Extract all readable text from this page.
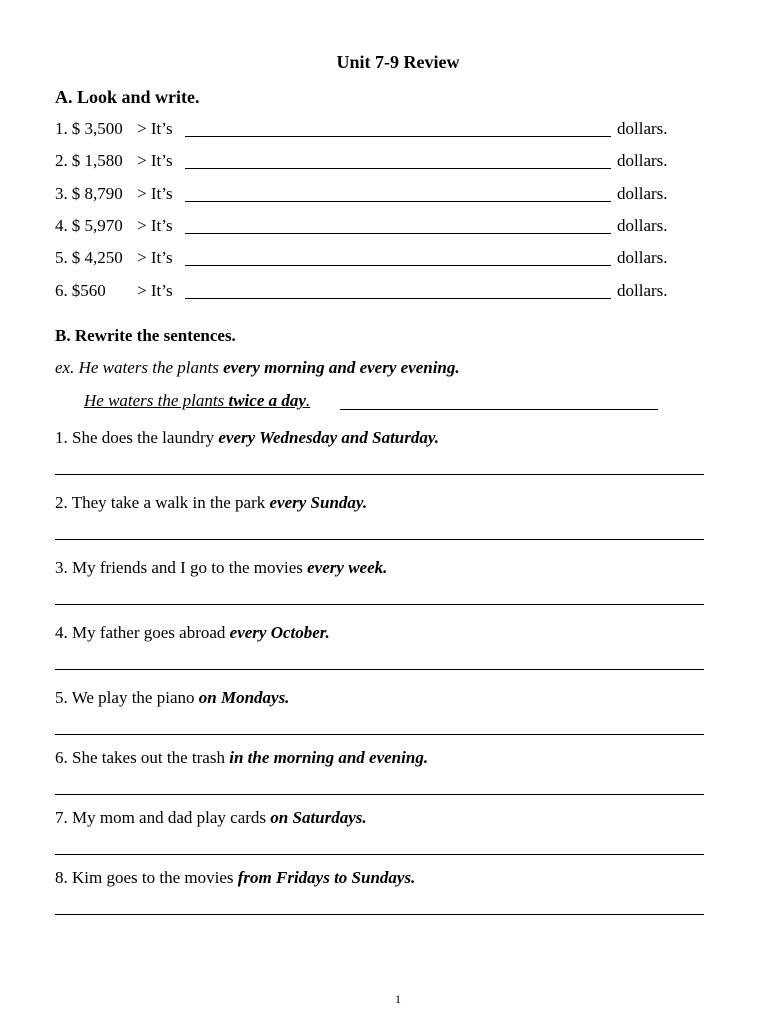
Unit 7-9 Review
A. Look and write.
1. $ 3,500 > It’s	dollars.
2. $ 1,580 > It’s	dollars.
3. $ 8,790 > It’s	dollars.
4. $ 5,970 > It’s	dollars.
5. $ 4,250 > It’s	dollars.
6. $560 > It’s	dollars.
B. Rewrite the sentences.
ex. He waters the plants every morning and every evening.
He waters the plants twice a day.
1. She does the laundry every Wednesday and Saturday.
2. They take a walk in the park every Sunday.
3. My friends and I go to the movies every week.
4. My father goes abroad every October.
5. We play the piano on Mondays.
6. She takes out the trash in the morning and evening.
7. My mom and dad play cards on Saturdays.
8. Kim goes to the movies from Fridays to Sundays.
1
